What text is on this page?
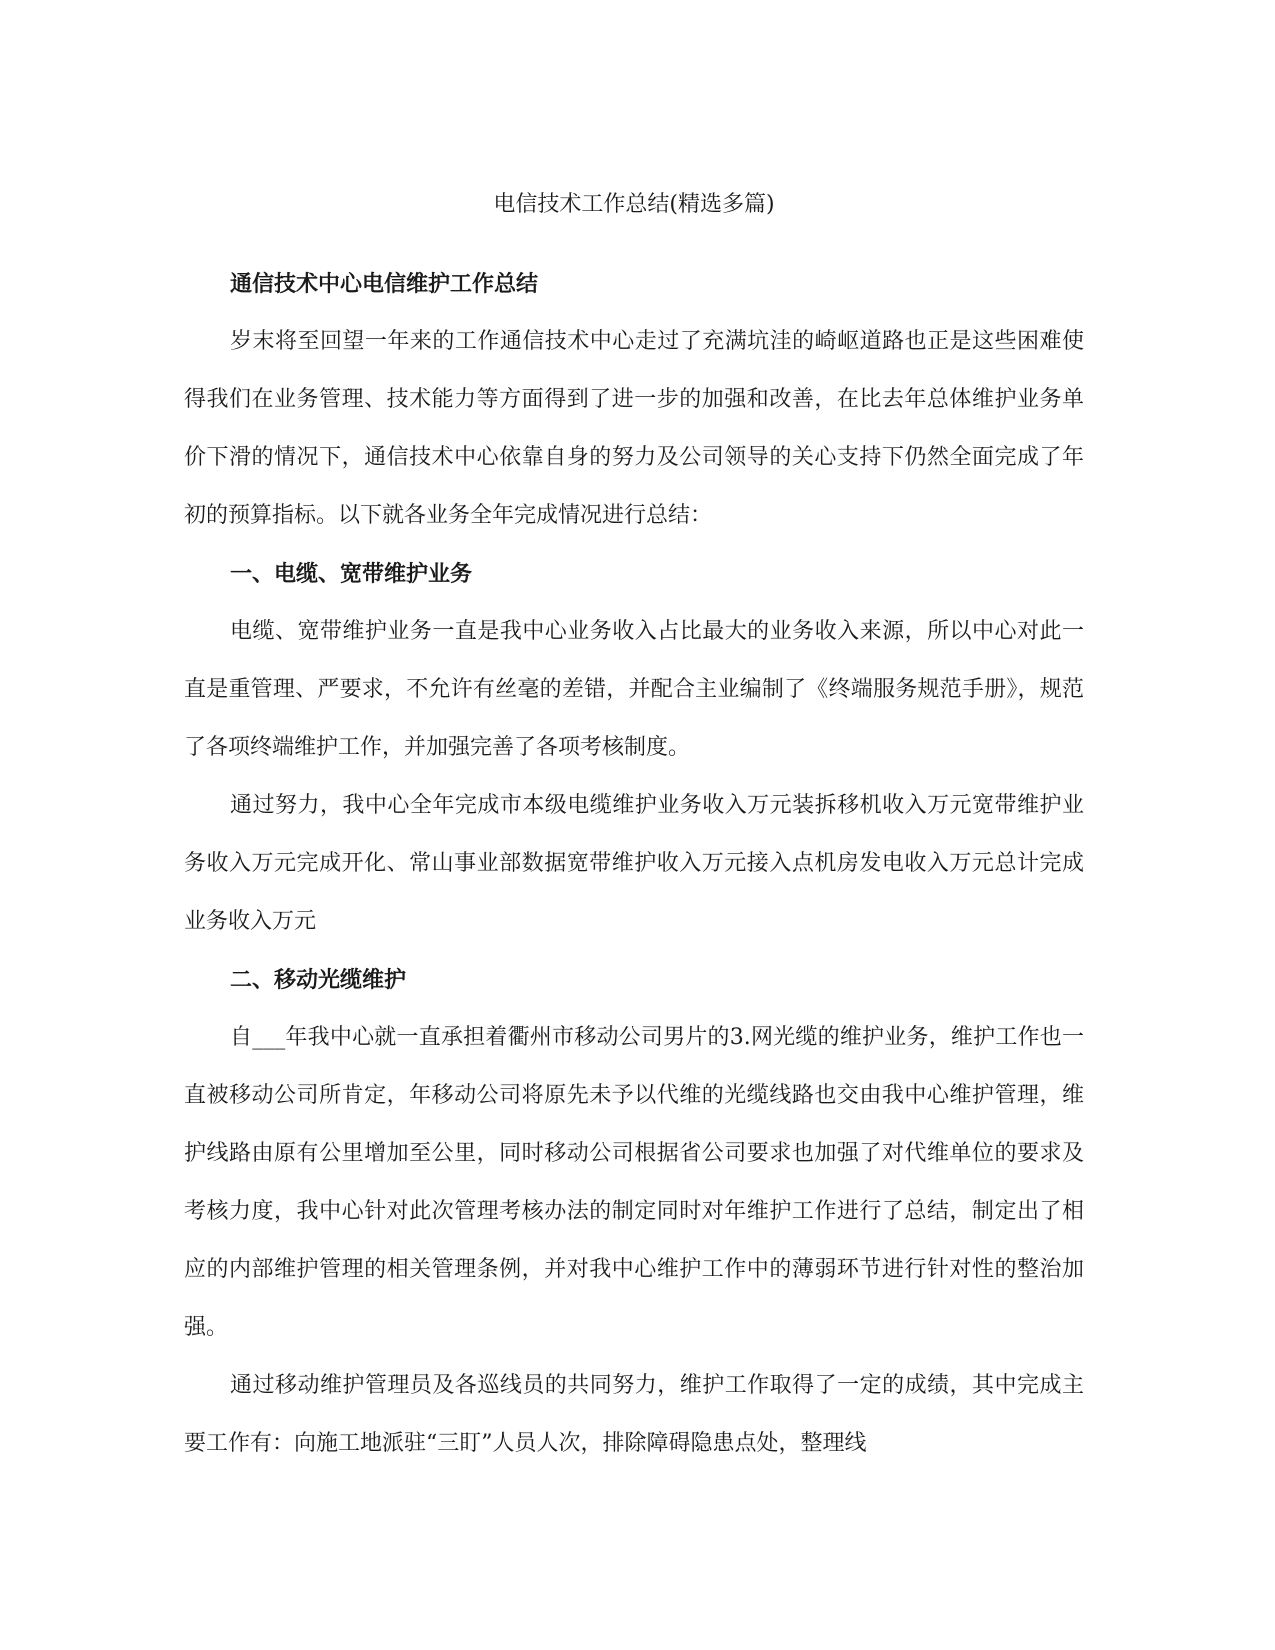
电信技术工作总结(精选多篇)

通信技术中心电信维护工作总结

岁末将至回望一年来的工作通信技术中心走过了充满坑洼的崎岖道路也正是这些困难使得我们在业务管理、技术能力等方面得到了进一步的加强和改善，在比去年总体维护业务单价下滑的情况下，通信技术中心依靠自身的努力及公司领导的关心支持下仍然全面完成了年初的预算指标。以下就各业务全年完成情况进行总结：

一、电缆、宽带维护业务

电缆、宽带维护业务一直是我中心业务收入占比最大的业务收入来源，所以中心对此一直是重管理、严要求，不允许有丝毫的差错，并配合主业编制了《终端服务规范手册》，规范了各项终端维护工作，并加强完善了各项考核制度。

通过努力，我中心全年完成市本级电缆维护业务收入万元装拆移机收入万元宽带维护业务收入万元完成开化、常山事业部数据宽带维护收入万元接入点机房发电收入万元总计完成业务收入万元

二、移动光缆维护

自___年我中心就一直承担着衢州市移动公司男片的3.网光缆的维护业务，维护工作也一直被移动公司所肯定，年移动公司将原先未予以代维的光缆线路也交由我中心维护管理，维护线路由原有公里增加至公里，同时移动公司根据省公司要求也加强了对代维单位的要求及考核力度，我中心针对此次管理考核办法的制定同时对年维护工作进行了总结，制定出了相应的内部维护管理的相关管理条例，并对我中心维护工作中的薄弱环节进行针对性的整治加强。

通过移动维护管理员及各巡线员的共同努力，维护工作取得了一定的成绩，其中完成主要工作有：向施工地派驻“三盯”人员人次，排除障碍隐患点处，整理线
